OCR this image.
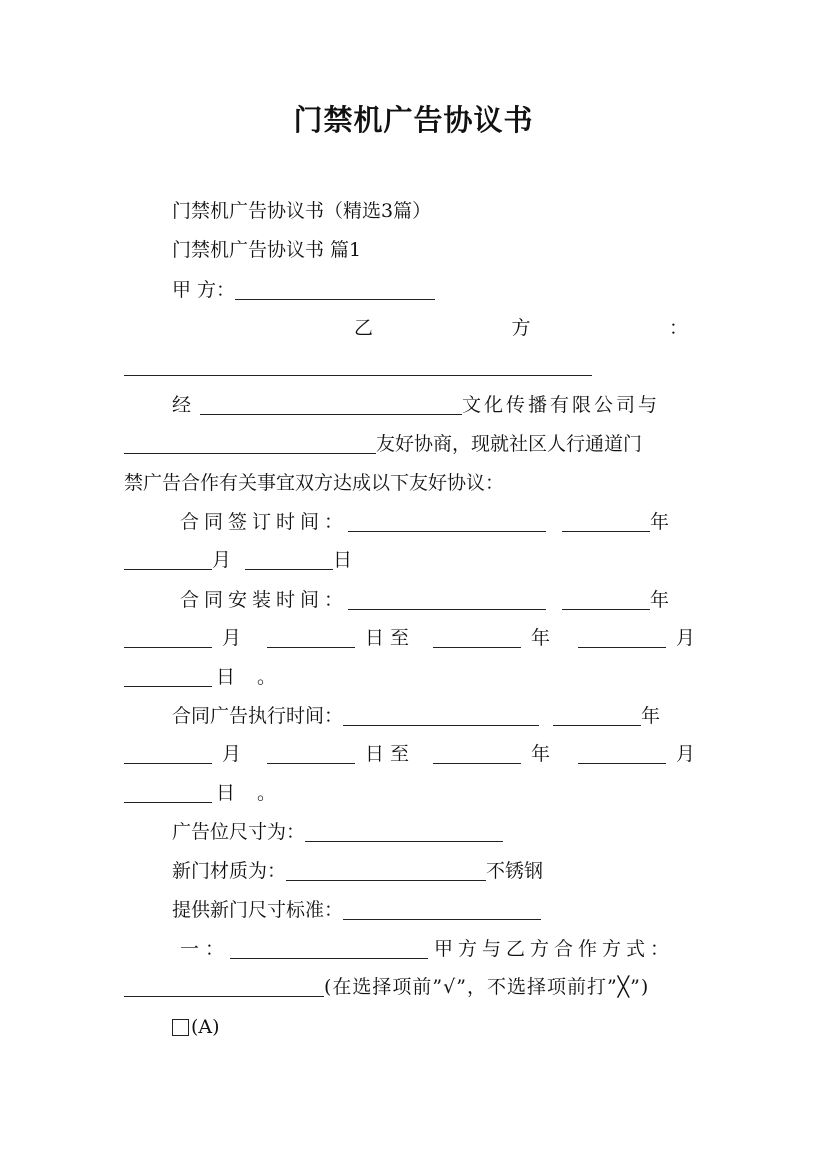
门禁机广告协议书
门禁机广告协议书（精选3篇）
门禁机广告协议书 篇1
甲 方：
乙	方	：
经	文化传播有限公司与
友好协商，现就社区人行通道门
禁广告合作有关事宜双方达成以下友好协议：
合同签订时间：	年
月	日
合同安装时间：	年
月	日至	年	月
日 。
合同广告执行时间：	年
月	日至	年	月
日 。
广告位尺寸为：
新门材质为：	不锈钢
提供新门尺寸标准：
一：	甲方与乙方合作方式：
(在选择项前”√”，不选择项前打”╳”)
(A)
